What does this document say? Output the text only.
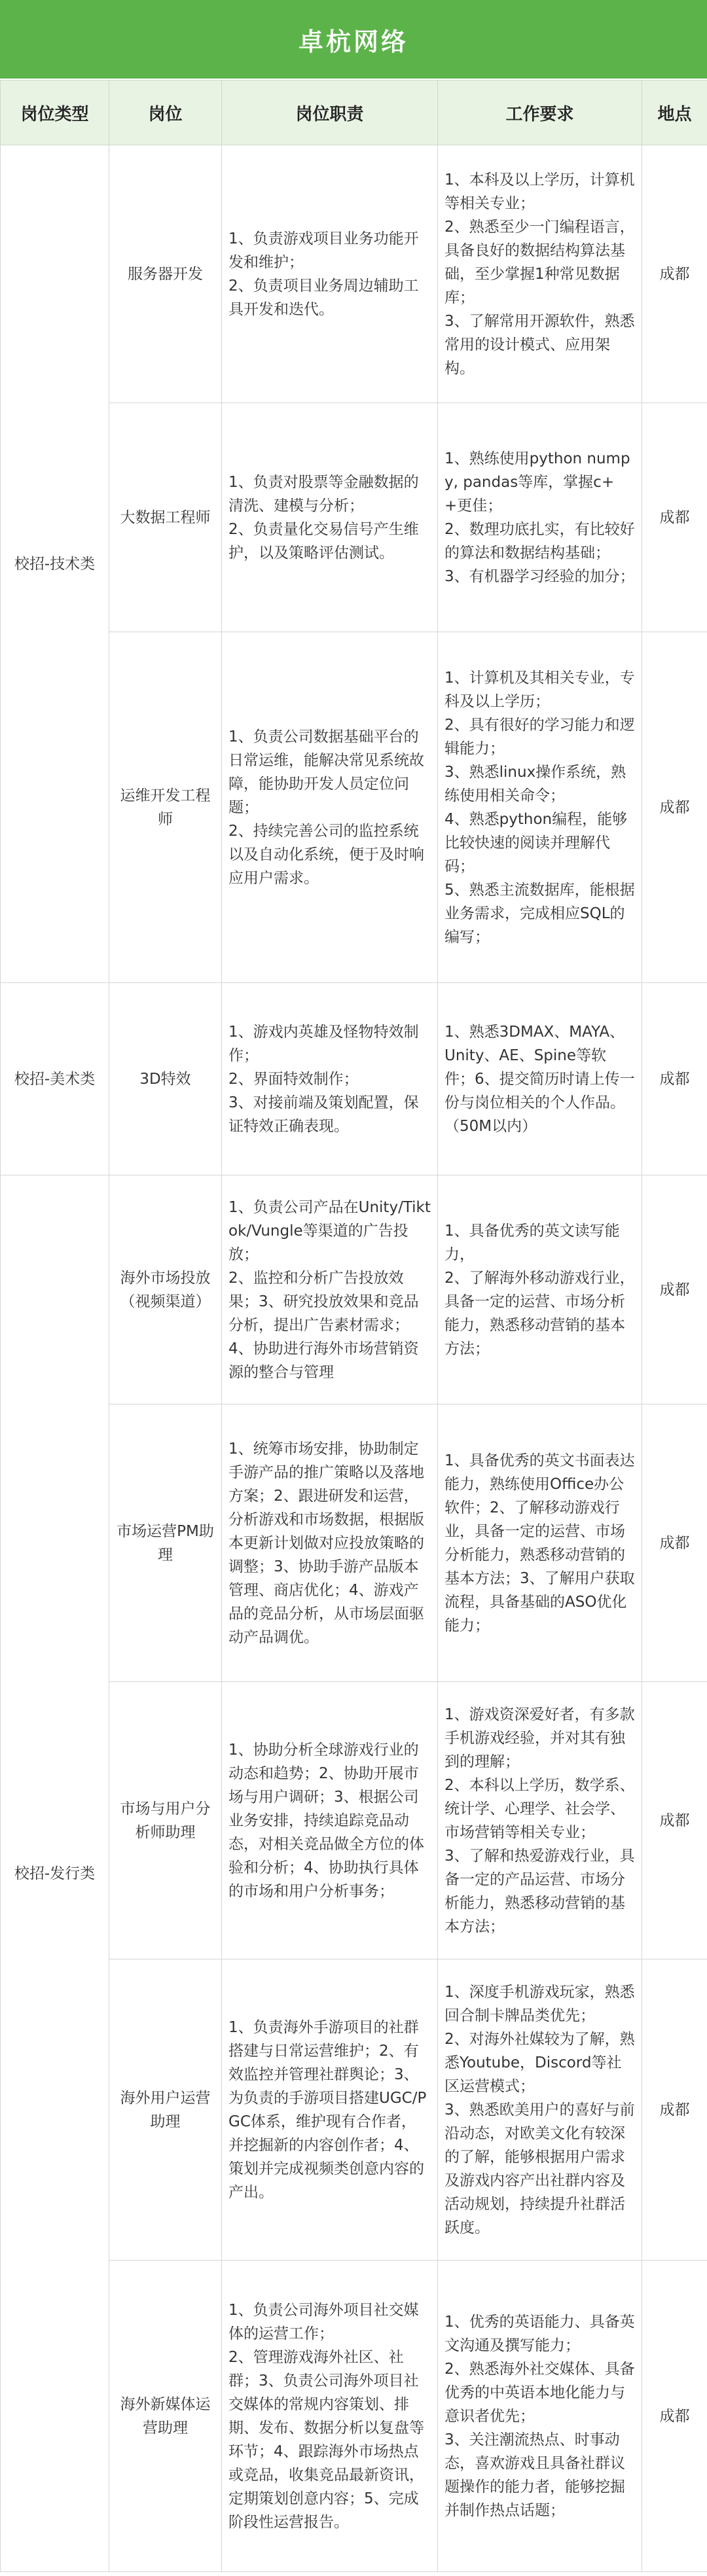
卓杭网络
岗位类型	岗位	岗位职责	工作要求	地点
校招-技术类	服务器开发	1、负责游戏项目业务功能开发和维护；
2、负责项目业务周边辅助工具开发和迭代。	1、本科及以上学历，计算机等相关专业；
2、熟悉至少一门编程语言，具备良好的数据结构算法基础，至少掌握1种常见数据库；
3、了解常用开源软件，熟悉常用的设计模式、应用架构。	成都
	大数据工程师	1、负责对股票等金融数据的清洗、建模与分析；
2、负责量化交易信号产生维护，以及策略评估测试。	1、熟练使用python numpy, pandas等库，掌握c++更佳；
2、数理功底扎实，有比较好的算法和数据结构基础；
3、有机器学习经验的加分；	成都
	运维开发工程师	1、负责公司数据基础平台的日常运维，能解决常见系统故障，能协助开发人员定位问题；
2、持续完善公司的监控系统以及自动化系统，便于及时响应用户需求。	1、计算机及其相关专业，专科及以上学历；
2、具有很好的学习能力和逻辑能力；
3、熟悉linux操作系统，熟练使用相关命令；
4、熟悉python编程，能够比较快速的阅读并理解代码；
5、熟悉主流数据库，能根据业务需求，完成相应SQL的编写；	成都
校招-美术类	3D特效	1、游戏内英雄及怪物特效制作；
2、界面特效制作；
3、对接前端及策划配置，保证特效正确表现。	1、熟悉3DMAX、MAYA、Unity、AE、Spine等软件；6、提交简历时请上传一份与岗位相关的个人作品。（50M以内）	成都
校招-发行类	海外市场投放（视频渠道）	1、负责公司产品在Unity/Tiktok/Vungle等渠道的广告投放；
2、监控和分析广告投放效果；3、研究投放效果和竞品分析，提出广告素材需求；4、协助进行海外市场营销资源的整合与管理	1、具备优秀的英文读写能力，
2、了解海外移动游戏行业，具备一定的运营、市场分析能力，熟悉移动营销的基本方法；	成都
	市场运营PM助理	1、统筹市场安排，协助制定手游产品的推广策略以及落地方案；2、跟进研发和运营，分析游戏和市场数据，根据版本更新计划做对应投放策略的调整；3、协助手游产品版本管理、商店优化；4、游戏产品的竞品分析，从市场层面驱动产品调优。	1、具备优秀的英文书面表达能力，熟练使用Office办公软件；2、了解移动游戏行业，具备一定的运营、市场分析能力，熟悉移动营销的基本方法；3、了解用户获取流程，具备基础的ASO优化能力；	成都
	市场与用户分析师助理	1、协助分析全球游戏行业的动态和趋势；2、协助开展市场与用户调研；3、根据公司业务安排，持续追踪竞品动态，对相关竞品做全方位的体验和分析；4、协助执行具体的市场和用户分析事务；	1、游戏资深爱好者，有多款手机游戏经验，并对其有独到的理解；
2、本科以上学历，数学系、统计学、心理学、社会学、市场营销等相关专业；
3、了解和热爱游戏行业，具备一定的产品运营、市场分析能力，熟悉移动营销的基本方法；	成都
	海外用户运营助理	1、负责海外手游项目的社群搭建与日常运营维护；2、有效监控并管理社群舆论；3、为负责的手游项目搭建UGC/PGC体系，维护现有合作者，并挖掘新的内容创作者；4、策划并完成视频类创意内容的产出。	1、深度手机游戏玩家，熟悉回合制卡牌品类优先；
2、对海外社媒较为了解，熟悉Youtube，Discord等社区运营模式；
3、熟悉欧美用户的喜好与前沿动态，对欧美文化有较深的了解，能够根据用户需求及游戏内容产出社群内容及活动规划，持续提升社群活跃度。	成都
	海外新媒体运营助理	1、负责公司海外项目社交媒体的运营工作；
2、管理游戏海外社区、社群；3、负责公司海外项目社交媒体的常规内容策划、排期、发布、数据分析以复盘等环节；4、跟踪海外市场热点或竞品，收集竞品最新资讯，定期策划创意内容；5、完成阶段性运营报告。	1、优秀的英语能力、具备英文沟通及撰写能力；
2、熟悉海外社交媒体、具备优秀的中英语本地化能力与意识者优先；
3、关注潮流热点、时事动态，喜欢游戏且具备社群议题操作的能力者，能够挖掘并制作热点话题；	成都
